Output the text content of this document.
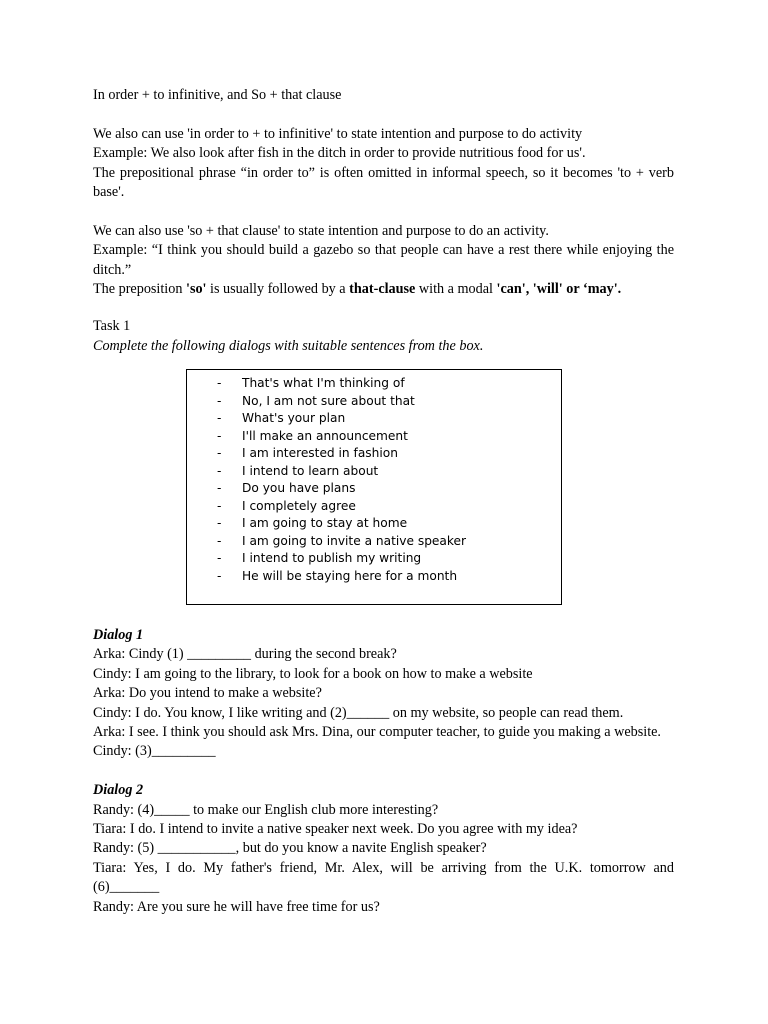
In order + to infinitive, and So + that clause

We also can use 'in order to + to infinitive' to state intention and purpose to do activity

Example: We also look after fish in the ditch in order to provide nutritious food for us'.

The prepositional phrase “in order to” is often omitted in informal speech, so it becomes 'to + verb base'.

We can also use 'so + that clause' to state intention and purpose to do an activity.

Example: “I think you should build a gazebo so that people can have a rest there while enjoying the ditch.”

The preposition 'so' is usually followed by a that-clause with a modal 'can', 'will' or ‘may'.

Task 1

Complete the following dialogs with suitable sentences from the box.

- That's what I'm thinking of
- No, I am not sure about that
- What's your plan
- I'll make an announcement
- I am interested in fashion
- I intend to learn about
- Do you have plans
- I completely agree
- I am going to stay at home
- I am going to invite a native speaker
- I intend to publish my writing
- He will be staying here for a month

Dialog 1

Arka: Cindy (1) _________ during the second break?

Cindy: I am going to the library, to look for a book on how to make a website

Arka: Do you intend to make a website?

Cindy: I do. You know, I like writing and (2)______ on my website, so people can read them.

Arka: I see. I think you should ask Mrs. Dina, our computer teacher, to guide you making a website.

Cindy: (3)_________

Dialog 2

Randy: (4)_____ to make our English club more interesting?

Tiara: I do. I intend to invite a native speaker next week. Do you agree with my idea?

Randy: (5) ___________, but do you know a navite English speaker?

Tiara: Yes, I do. My father's friend, Mr. Alex, will be arriving from the U.K. tomorrow and (6)_______

Randy: Are you sure he will have free time for us?
